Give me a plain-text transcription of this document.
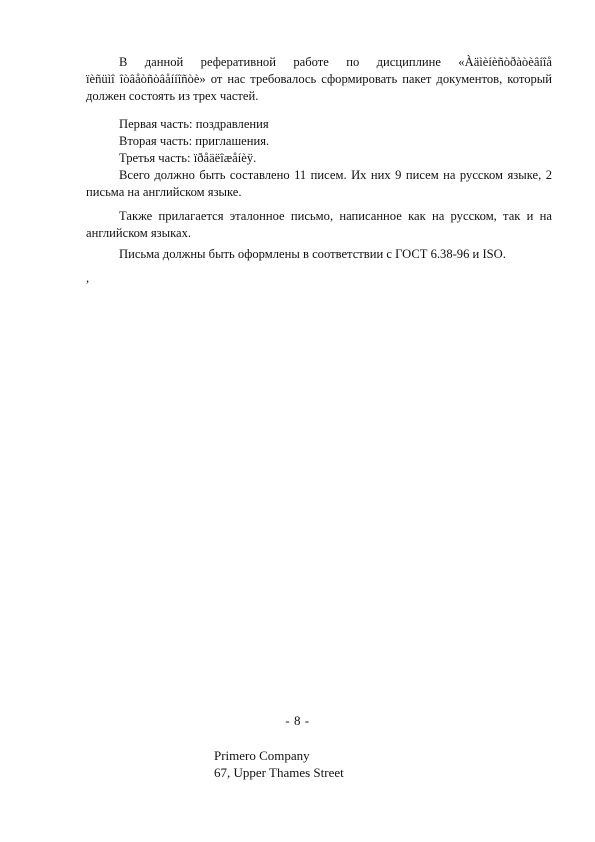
В данной реферативной работе по дисциплине «Àäìèíèñòðàòèâíîå
ïèñüìî îòâåòñòâåííîñòè» от нас требовалось сформировать пакет документов, который должен состоять из трех частей.

Первая часть: поздравления

Вторая часть: приглашения.

Третья часть: ïðåäëîæåíèÿ.

Всего должно быть составлено 11 писем. Их них 9 писем на русском языке, 2 письма на английском языке.

Также прилагается эталонное письмо, написанное как на русском, так и на английском языках.

Письма должны быть оформлены в соответствии с ГОСТ 6.38-96 и ISO.

,
- 8 -
Primero Company
67, Upper Thames Street
